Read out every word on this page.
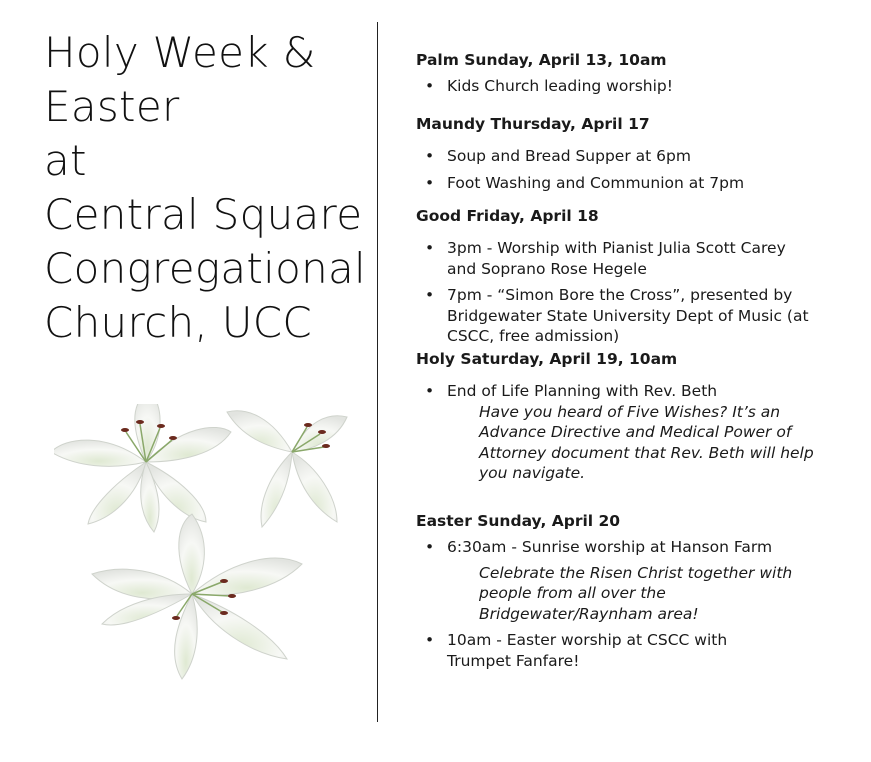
Holy Week &
Easter
at
Central Square
Congregational
Church, UCC
Palm Sunday, April 13, 10am
• Kids Church leading worship!
Maundy Thursday, April 17
• Soup and Bread Supper at 6pm
• Foot Washing and Communion at 7pm
Good Friday, April 18
• 3pm - Worship with Pianist Julia Scott Carey and Soprano Rose Hegele
• 7pm - “Simon Bore the Cross”, presented by Bridgewater State University Dept of Music (at CSCC, free admission)
Holy Saturday, April 19, 10am
• End of Life Planning with Rev. Beth
Have you heard of Five Wishes? It’s an Advance Directive and Medical Power of Attorney document that Rev. Beth will help you navigate.
Easter Sunday, April 20
• 6:30am - Sunrise worship at Hanson Farm
Celebrate the Risen Christ together with people from all over the Bridgewater/Raynham area!
• 10am - Easter worship at CSCC with Trumpet Fanfare!
